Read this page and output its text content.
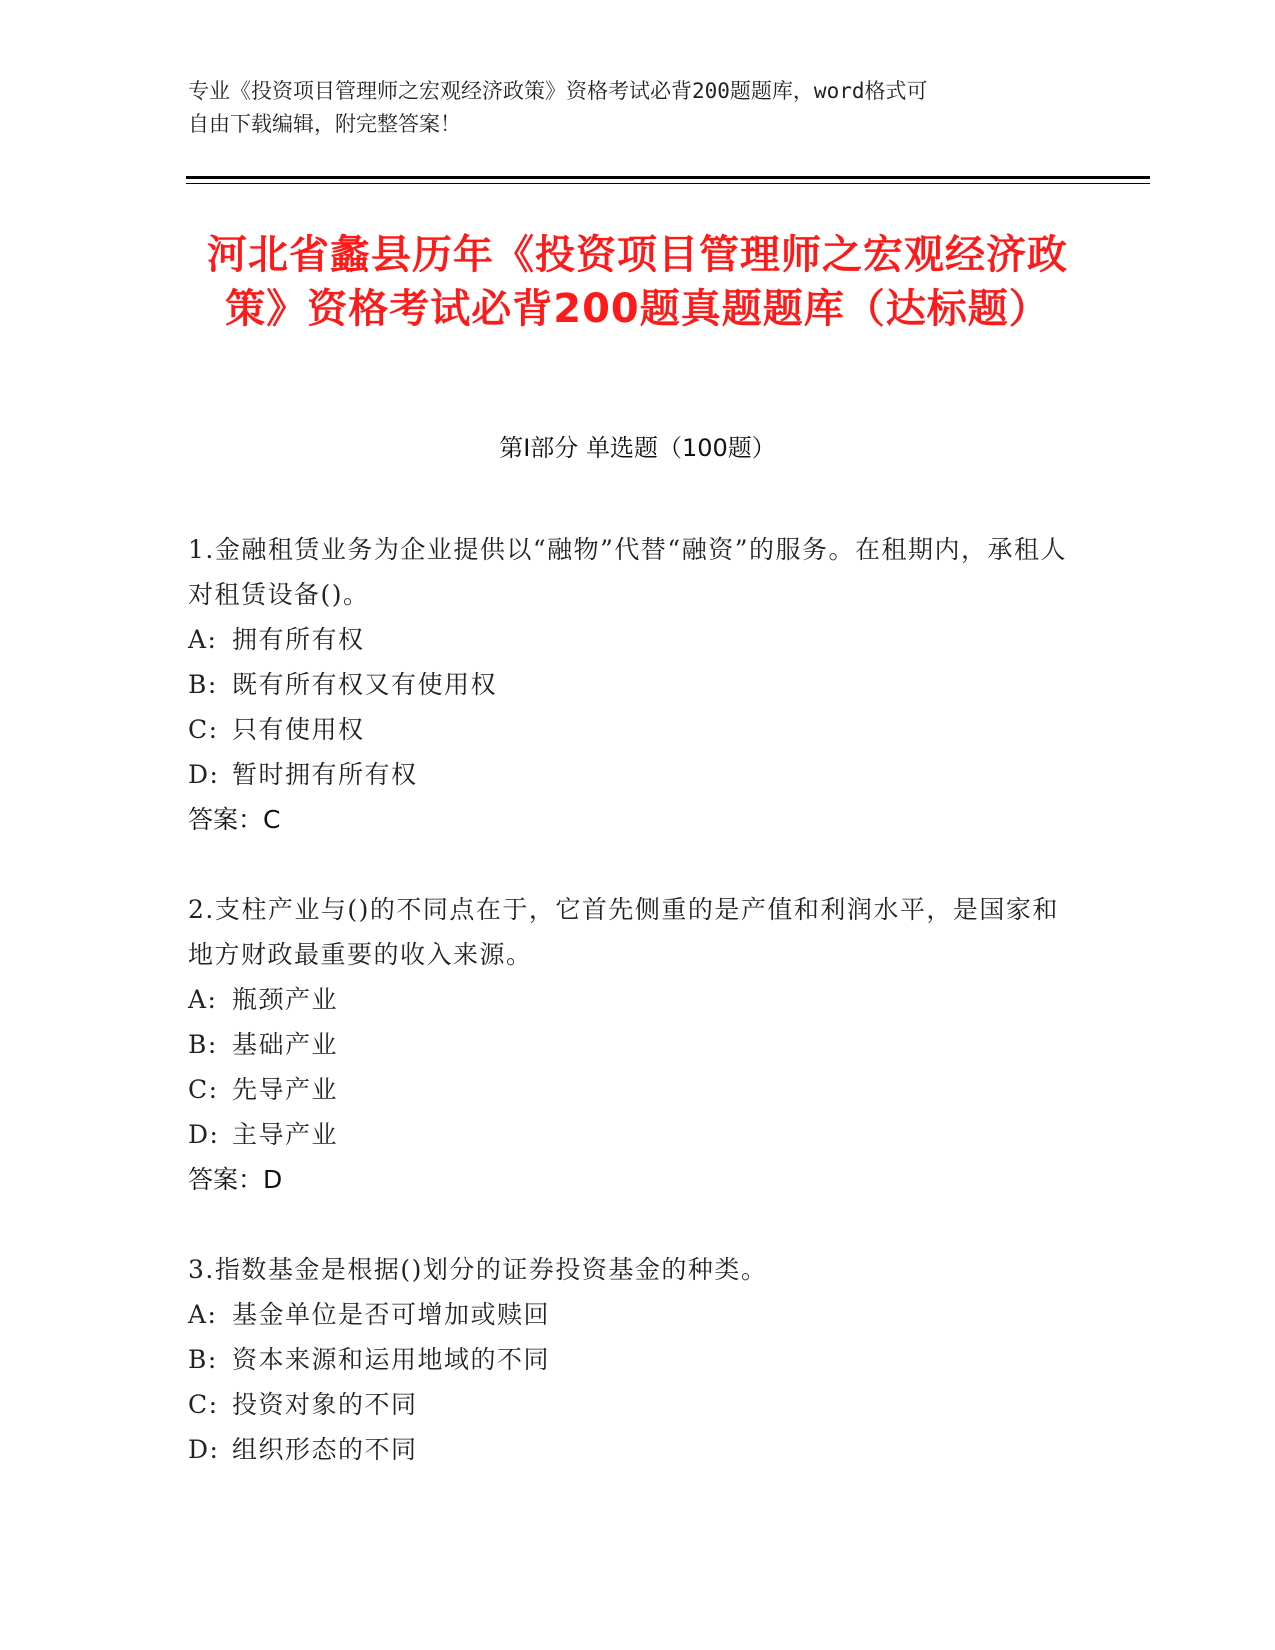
专业《投资项目管理师之宏观经济政策》资格考试必背200题题库，word格式可
自由下载编辑，附完整答案！
河北省蠡县历年《投资项目管理师之宏观经济政策》资格考试必背200题真题题库（达标题）
第Ⅰ部分 单选题（100题）
1.金融租赁业务为企业提供以“融物”代替“融资”的服务。在租期内，承租人对租赁设备()。
A: 拥有所有权
B: 既有所有权又有使用权
C: 只有使用权
D: 暂时拥有所有权
答案：C
2.支柱产业与()的不同点在于，它首先侧重的是产值和利润水平，是国家和地方财政最重要的收入来源。
A: 瓶颈产业
B: 基础产业
C: 先导产业
D: 主导产业
答案：D
3.指数基金是根据()划分的证券投资基金的种类。
A: 基金单位是否可增加或赎回
B: 资本来源和运用地域的不同
C: 投资对象的不同
D: 组织形态的不同
